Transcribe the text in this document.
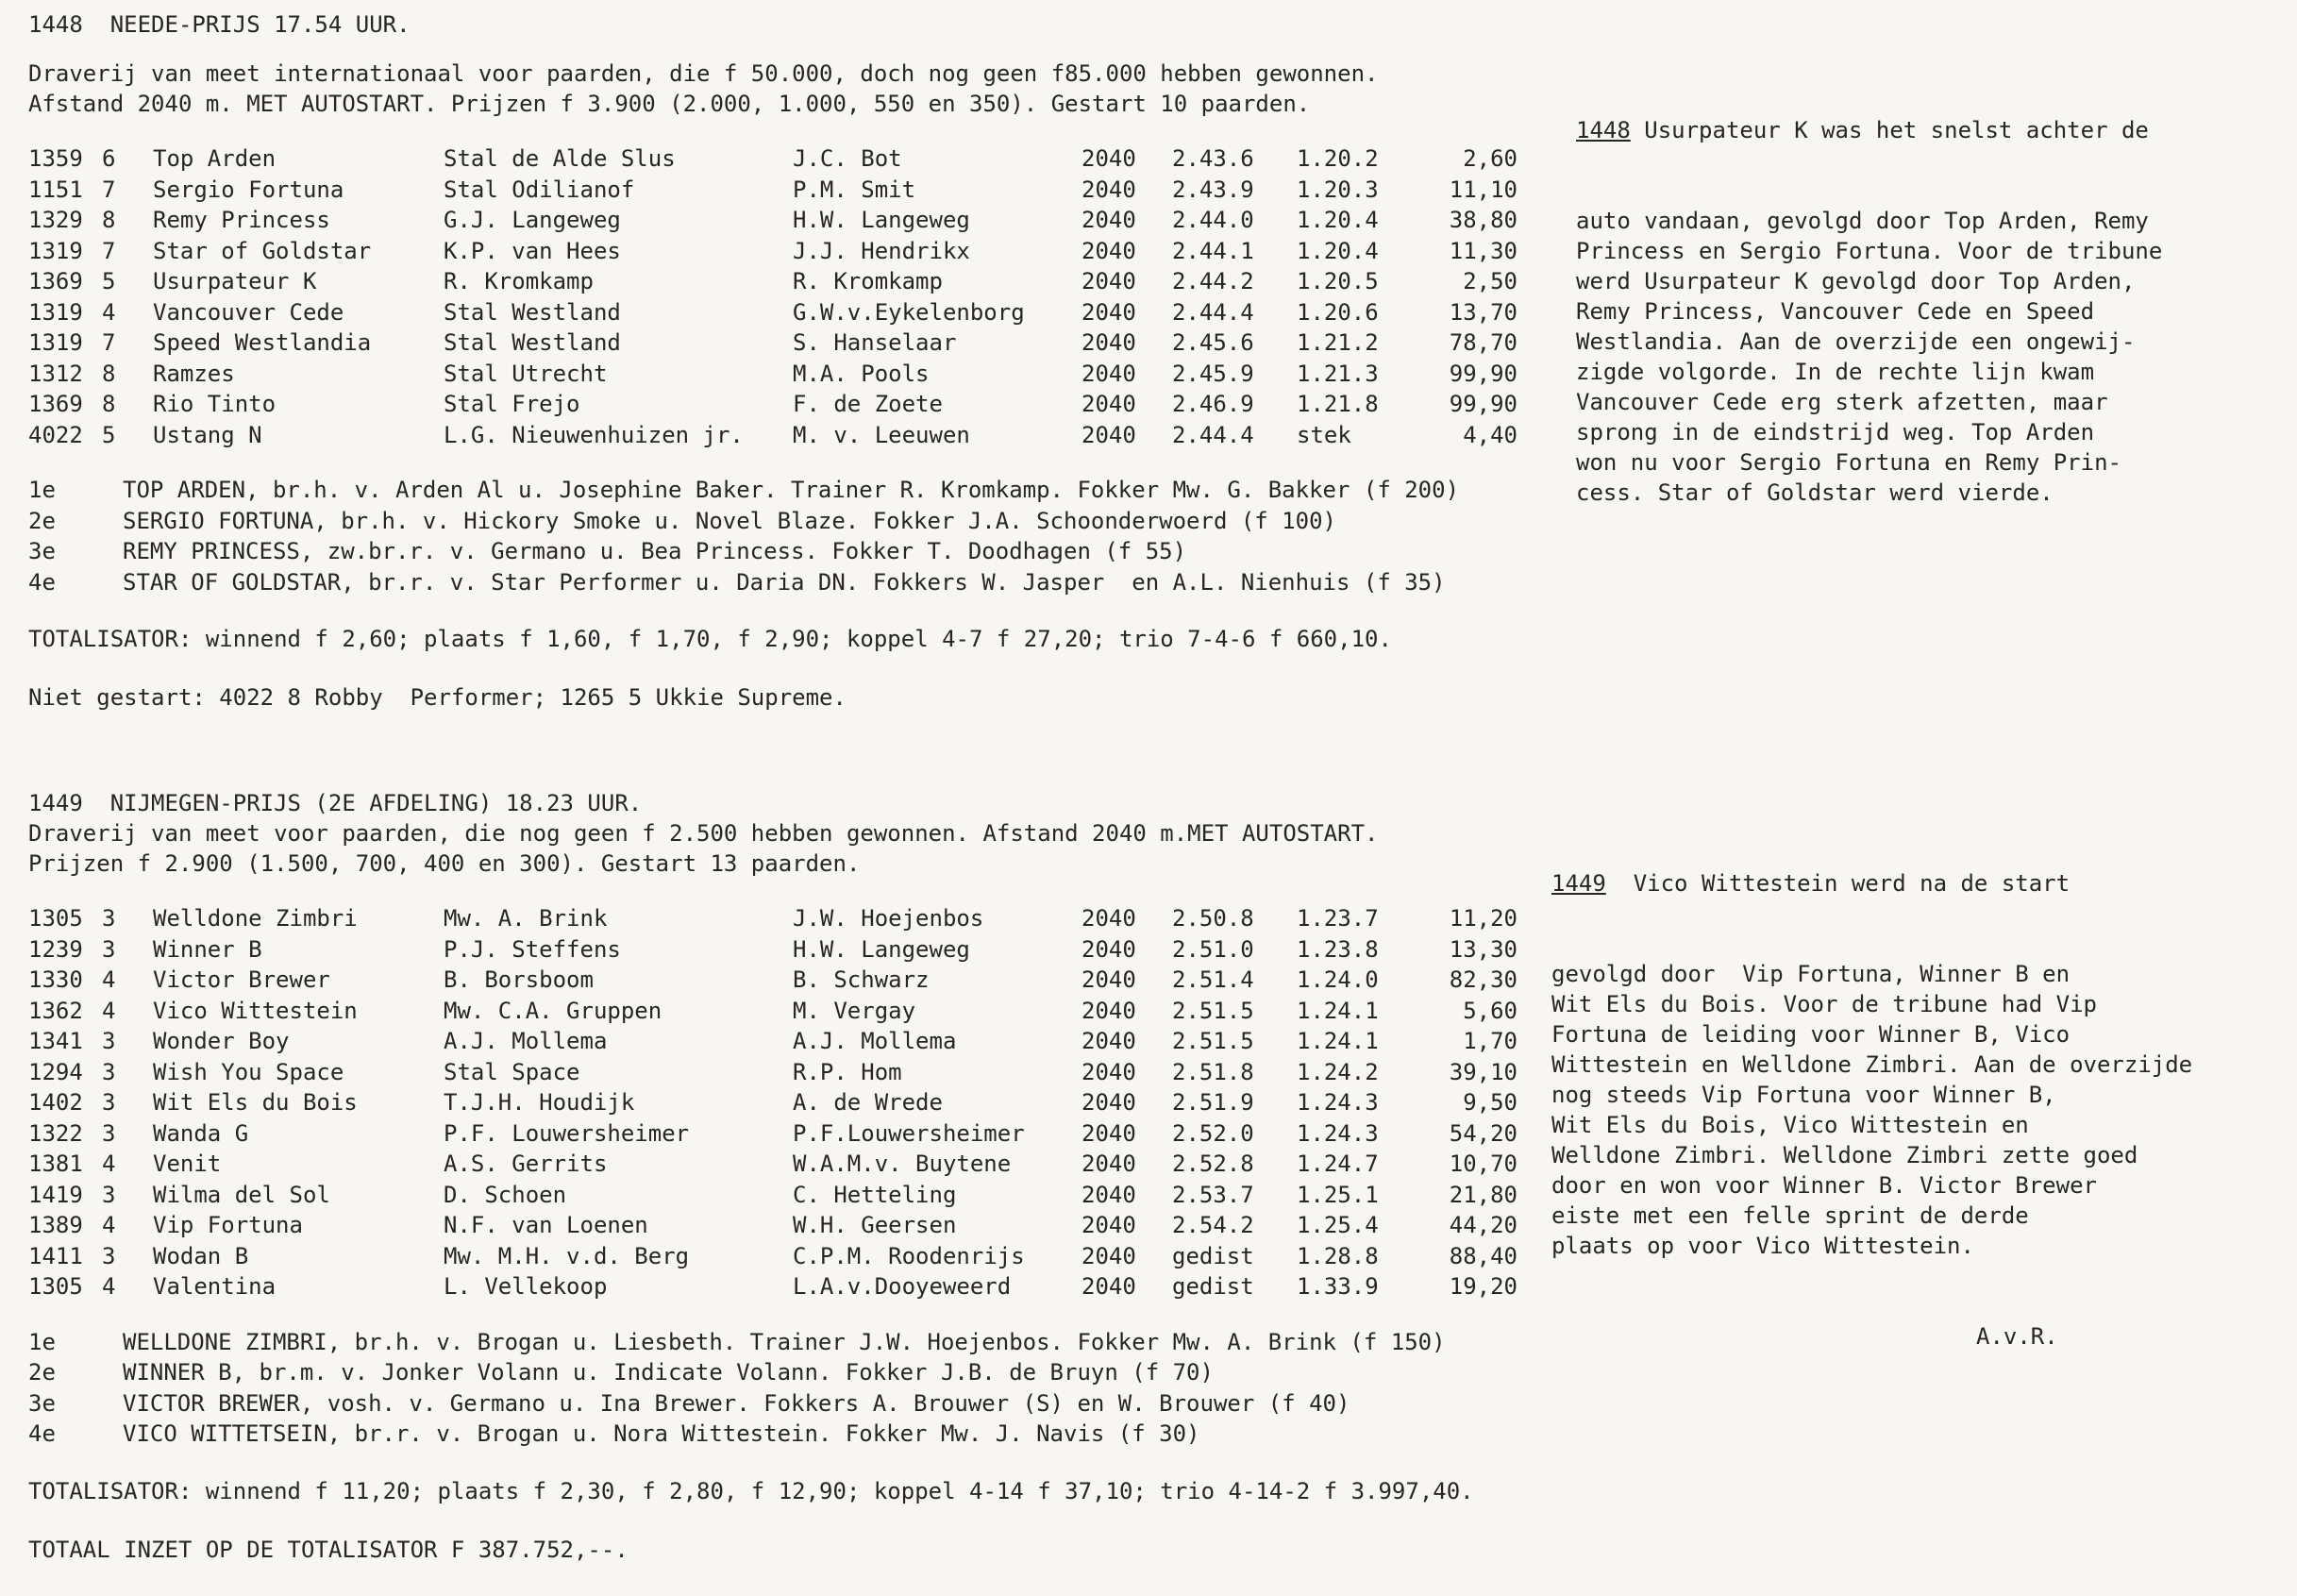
1448  NEEDE-PRIJS 17.54 UUR.
Draverij van meet internationaal voor paarden, die f 50.000, doch nog geen f85.000 hebben gewonnen.
Afstand 2040 m. MET AUTOSTART. Prijzen f 3.900 (2.000, 1.000, 550 en 350). Gestart 10 paarden.
1359 6	Top Arden	Stal de Alde Slus	J.C. Bot	2040	2.43.6	1.20.2	2,60
1151 7	Sergio Fortuna	Stal Odilianof	P.M. Smit	2040	2.43.9	1.20.3	11,10
1329 8	Remy Princess	G.J. Langeweg	H.W. Langeweg	2040	2.44.0	1.20.4	38,80
1319 7	Star of Goldstar	K.P. van Hees	J.J. Hendrikx	2040	2.44.1	1.20.4	11,30
1369 5	Usurpateur K	R. Kromkamp	R. Kromkamp	2040	2.44.2	1.20.5	2,50
1319 4	Vancouver Cede	Stal Westland	G.W.v.Eykelenborg	2040	2.44.4	1.20.6	13,70
1319 7	Speed Westlandia	Stal Westland	S. Hanselaar	2040	2.45.6	1.21.2	78,70
1312 8	Ramzes	Stal Utrecht	M.A. Pools	2040	2.45.9	1.21.3	99,90
1369 8	Rio Tinto	Stal Frejo	F. de Zoete	2040	2.46.9	1.21.8	99,90
4022 5	Ustang N	L.G. Nieuwenhuizen jr.	M. v. Leeuwen	2040	2.44.4	stek	4,40
1e	TOP ARDEN, br.h. v. Arden Al u. Josephine Baker. Trainer R. Kromkamp. Fokker Mw. G. Bakker (f 200)
2e	SERGIO FORTUNA, br.h. v. Hickory Smoke u. Novel Blaze. Fokker J.A. Schoonderwoerd (f 100)
3e	REMY PRINCESS, zw.br.r. v. Germano u. Bea Princess. Fokker T. Doodhagen (f 55)
4e	STAR OF GOLDSTAR, br.r. v. Star Performer u. Daria DN. Fokkers W. Jasper  en A.L. Nienhuis (f 35)
TOTALISATOR: winnend f 2,60; plaats f 1,60, f 1,70, f 2,90; koppel 4-7 f 27,20; trio 7-4-6 f 660,10.
Niet gestart: 4022 8 Robby  Performer; 1265 5 Ukkie Supreme.

1448 Usurpateur K was het snelst achter de

auto vandaan, gevolgd door Top Arden, Remy
Princess en Sergio Fortuna. Voor de tribune
werd Usurpateur K gevolgd door Top Arden,
Remy Princess, Vancouver Cede en Speed
Westlandia. Aan de overzijde een ongewij-
zigde volgorde. In de rechte lijn kwam
Vancouver Cede erg sterk afzetten, maar
sprong in de eindstrijd weg. Top Arden
won nu voor Sergio Fortuna en Remy Prin-
cess. Star of Goldstar werd vierde.

1449  NIJMEGEN-PRIJS (2E AFDELING) 18.23 UUR.
Draverij van meet voor paarden, die nog geen f 2.500 hebben gewonnen. Afstand 2040 m.MET AUTOSTART.
Prijzen f 2.900 (1.500, 700, 400 en 300). Gestart 13 paarden.
1305 3	Welldone Zimbri	Mw. A. Brink	J.W. Hoejenbos	2040	2.50.8	1.23.7	11,20
1239 3	Winner B	P.J. Steffens	H.W. Langeweg	2040	2.51.0	1.23.8	13,30
1330 4	Victor Brewer	B. Borsboom	B. Schwarz	2040	2.51.4	1.24.0	82,30
1362 4	Vico Wittestein	Mw. C.A. Gruppen	M. Vergay	2040	2.51.5	1.24.1	5,60
1341 3	Wonder Boy	A.J. Mollema	A.J. Mollema	2040	2.51.5	1.24.1	1,70
1294 3	Wish You Space	Stal Space	R.P. Hom	2040	2.51.8	1.24.2	39,10
1402 3	Wit Els du Bois	T.J.H. Houdijk	A. de Wrede	2040	2.51.9	1.24.3	9,50
1322 3	Wanda G	P.F. Louwersheimer	P.F.Louwersheimer	2040	2.52.0	1.24.3	54,20
1381 4	Venit	A.S. Gerrits	W.A.M.v. Buytene	2040	2.52.8	1.24.7	10,70
1419 3	Wilma del Sol	D. Schoen	C. Hetteling	2040	2.53.7	1.25.1	21,80
1389 4	Vip Fortuna	N.F. van Loenen	W.H. Geersen	2040	2.54.2	1.25.4	44,20
1411 3	Wodan B	Mw. M.H. v.d. Berg	C.P.M. Roodenrijs	2040	gedist	1.28.8	88,40
1305 4	Valentina	L. Vellekoop	L.A.v.Dooyeweerd	2040	gedist	1.33.9	19,20
1e	WELLDONE ZIMBRI, br.h. v. Brogan u. Liesbeth. Trainer J.W. Hoejenbos. Fokker Mw. A. Brink (f 150)
2e	WINNER B, br.m. v. Jonker Volann u. Indicate Volann. Fokker J.B. de Bruyn (f 70)
3e	VICTOR BREWER, vosh. v. Germano u. Ina Brewer. Fokkers A. Brouwer (S) en W. Brouwer (f 40)
4e	VICO WITTETSEIN, br.r. v. Brogan u. Nora Wittestein. Fokker Mw. J. Navis (f 30)
TOTALISATOR: winnend f 11,20; plaats f 2,30, f 2,80, f 12,90; koppel 4-14 f 37,10; trio 4-14-2 f 3.997,40.
TOTAAL INZET OP DE TOTALISATOR F 387.752,--.

1449  Vico Wittestein werd na de start

gevolgd door  Vip Fortuna, Winner B en
Wit Els du Bois. Voor de tribune had Vip
Fortuna de leiding voor Winner B, Vico
Wittestein en Welldone Zimbri. Aan de overzijde
nog steeds Vip Fortuna voor Winner B,
Wit Els du Bois, Vico Wittestein en
Welldone Zimbri. Welldone Zimbri zette goed
door en won voor Winner B. Victor Brewer
eiste met een felle sprint de derde
plaats op voor Vico Wittestein.

A.v.R.
